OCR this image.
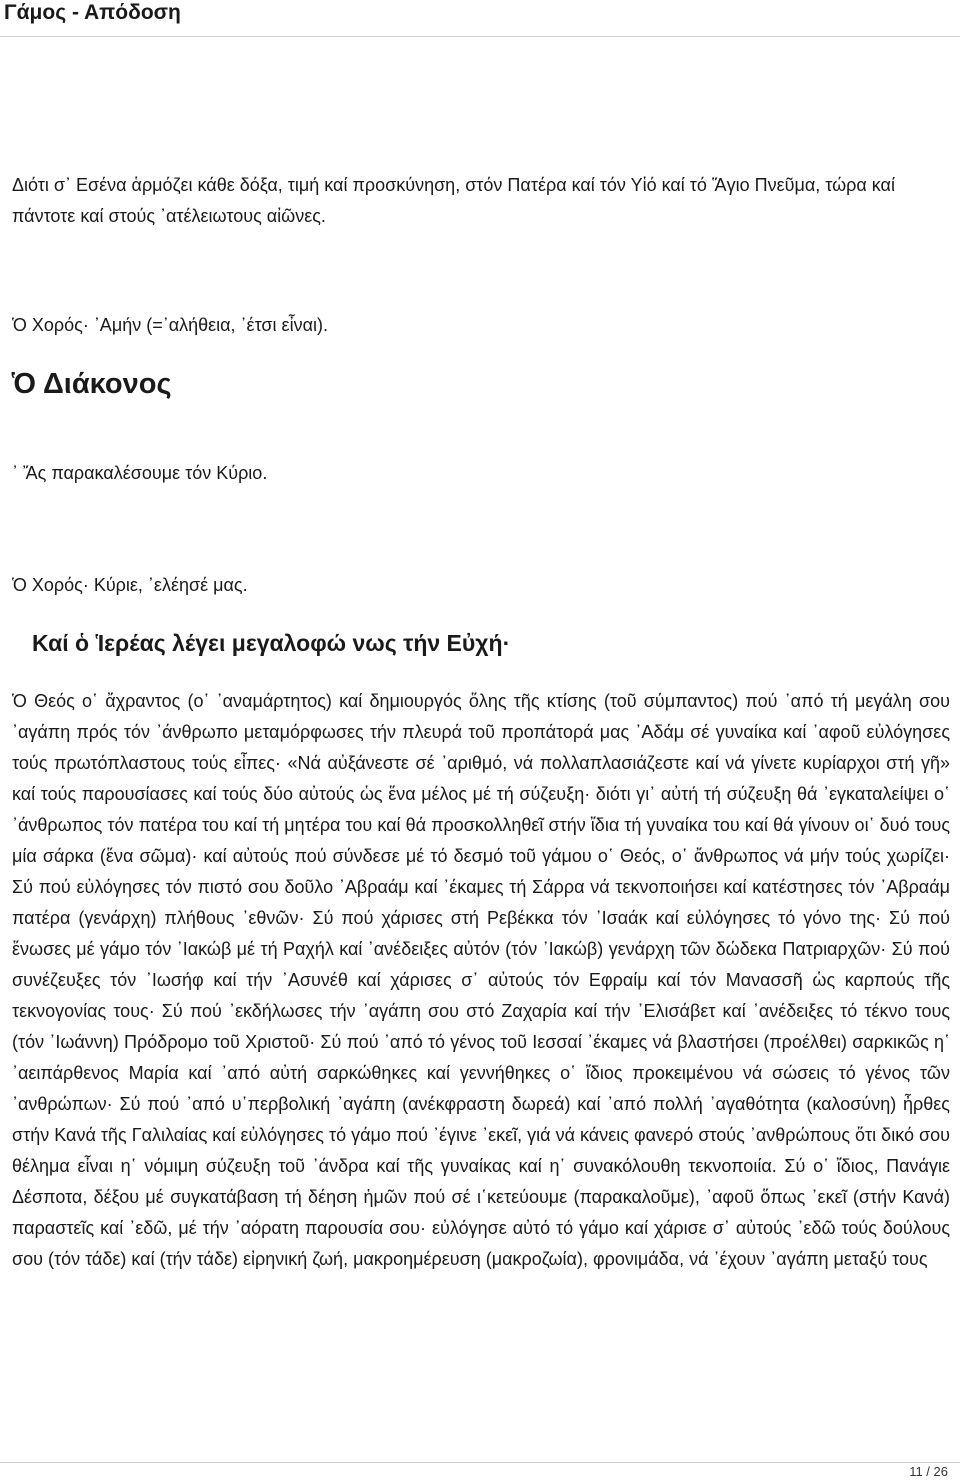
Γάμος - Απόδοση

Διότι σ᾽ Εσένα ἁρμόζει κάθε δόξα, τιμή καί προσκύνηση, στόν Πατέρα καί τόν Υἱό καί τό Ἅγιο Πνεῦμα, τώρα καί πάντοτε καί στούς ᾽ατέλειωτους αἰῶνες.

Ὁ Χορός· ᾽Αμήν (=᾽αλήθεια, ᾽έτσι εἶναι).

Ὁ Διάκονος

᾽ Ἄς παρακαλέσουμε τόν Κύριο.

Ὁ Χορός· Κύριε, ᾽ελέησέ μας.

Καί ὁ Ἱερέας λέγει μεγαλοφώ νως τήν Εὐχή·

Ὁ Θεός ο῾ ἄχραντος (ο῾ ᾽αναμάρτητος) καί δημιουργός ὅλης τῆς κτίσης (τοῦ σύμπαντος) πού ᾽από τή μεγάλη σου ᾽αγάπη πρός τόν ᾽άνθρωπο μεταμόρφωσες τήν πλευρά τοῦ προπάτορά μας ᾽Αδάμ σέ γυναίκα καί ᾽αφοῦ εὐλόγησες τούς πρωτόπλαστους τούς εἶπες· «Νά αὐξάνεστε σέ ᾽αριθμό, νά πολλαπλασιάζεστε καί νά γίνετε κυρίαρχοι στή γῆ» καί τούς παρουσίασες καί τούς δύο αὐτούς ὡς ἕνα μέλος μέ τή σύζευξη· διότι γι᾽ αὐτή τή σύζευξη θά ᾽εγκαταλείψει ο῾ ᾽άνθρωπος τόν πατέρα του καί τή μητέρα του καί θά προσκολληθεῖ στήν ἴδια τή γυναίκα του καί θά γίνουν οι῾ δυό τους μία σάρκα (ἕνα σῶμα)· καί αὐτούς πού σύνδεσε μέ τό δεσμό τοῦ γάμου ο῾ Θεός, ο῾ ἄνθρωπος νά μήν τούς χωρίζει· Σύ πού εὐλόγησες τόν πιστό σου δοῦλο ᾽Αβραάμ καί ᾽έκαμες τή Σάρρα νά τεκνοποιήσει καί κατέστησες τόν ᾽Αβραάμ πατέρα (γενάρχη) πλήθους ᾽εθνῶν· Σύ πού χάρισες στή Ρεβέκκα τόν ᾽Ισαάκ καί εὐλόγησες τό γόνο της· Σύ πού ἕνωσες μέ γάμο τόν ᾽Ιακώβ μέ τή Ραχήλ καί ᾽ανέδειξες αὐτόν (τόν ᾽Ιακώβ) γενάρχη τῶν δώδεκα Πατριαρχῶν· Σύ πού συνέζευξες τόν ᾽Ιωσήφ καί τήν ᾽Ασυνέθ καί χάρισες σ᾽ αὐτούς τόν Εφραίμ καί τόν Μανασσῆ ὡς καρπούς τῆς τεκνογονίας τους· Σύ πού ᾽εκδήλωσες τήν ᾽αγάπη σου στό Ζαχαρία καί τήν ᾽Ελισάβετ καί ᾽ανέδειξες τό τέκνο τους (τόν ᾽Ιωάννη) Πρόδρομο τοῦ Χριστοῦ· Σύ πού ᾽από τό γένος τοῦ Ιεσσαί ᾽έκαμες νά βλαστήσει (προέλθει) σαρκικῶς η῾ ᾽αειπάρθενος Μαρία καί ᾽από αὐτή σαρκώθηκες καί γεννήθηκες ο῾ ἴδιος προκειμένου νά σώσεις τό γένος τῶν ᾽ανθρώπων· Σύ πού ᾽από υ῾περβολική ᾽αγάπη (ανέκφραστη δωρεά) καί ᾽από πολλή ᾽αγαθότητα (καλοσύνη) ἦρθες στήν Κανά τῆς Γαλιλαίας καί εὐλόγησες τό γάμο πού ᾽έγινε ᾽εκεῖ, γιά νά κάνεις φανερό στούς ᾽ανθρώπους ὅτι δικό σου θέλημα εἶναι η῾ νόμιμη σύζευξη τοῦ ᾽άνδρα καί τῆς γυναίκας καί η῾ συνακόλουθη τεκνοποιία. Σύ ο῾ ἴδιος, Πανάγιε Δέσποτα, δέξου μέ συγκατάβαση τή δέηση ἡμῶν πού σέ ι῾κετεύουμε (παρακαλοῦμε), ᾽αφοῦ ὅπως ᾽εκεῖ (στήν Κανά) παραστεῖς καί ᾽εδῶ, μέ τήν ᾽αόρατη παρουσία σου· εὐλόγησε αὐτό τό γάμο καί χάρισε σ᾽ αὐτούς ᾽εδῶ τούς δούλους σου (τόν τάδε) καί (τήν τάδε) εἰρηνική ζωή, μακροημέρευση (μακροζωία), φρονιμάδα, νά ᾽έχουν ᾽αγάπη μεταξύ τους

11 / 26
